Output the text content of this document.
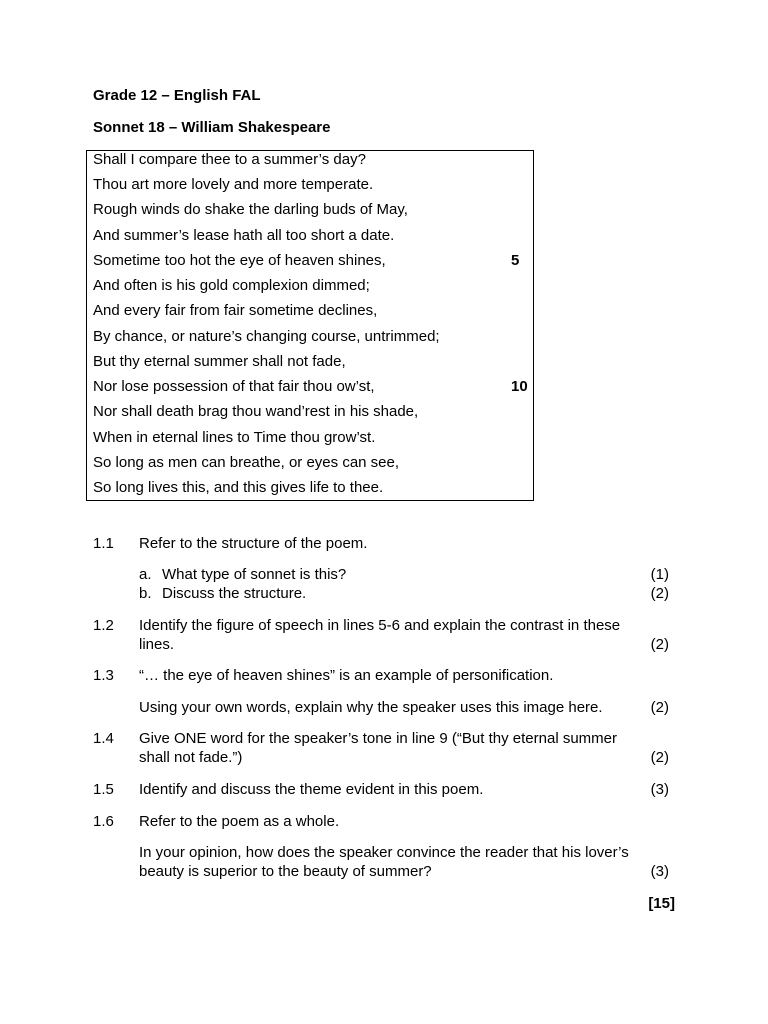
Grade 12 – English FAL
Sonnet 18 – William Shakespeare
Shall I compare thee to a summer’s day?
Thou art more lovely and more temperate.
Rough winds do shake the darling buds of May,
And summer’s lease hath all too short a date.
Sometime too hot the eye of heaven shines,
And often is his gold complexion dimmed;
And every fair from fair sometime declines,
By chance, or nature’s changing course, untrimmed;
But thy eternal summer shall not fade,
Nor lose possession of that fair thou ow’st,
Nor shall death brag thou wand’rest in his shade,
When in eternal lines to Time thou grow’st.
So long as men can breathe, or eyes can see,
So long lives this, and this gives life to thee.
5
10
1.1 Refer to the structure of the poem.
a. What type of sonnet is this?	(1)
b. Discuss the structure.	(2)
1.2 Identify the figure of speech in lines 5-6 and explain the contrast in these
lines.	(2)
1.3 “… the eye of heaven shines” is an example of personification.
Using your own words, explain why the speaker uses this image here.	(2)
1.4 Give ONE word for the speaker’s tone in line 9 (“But thy eternal summer
shall not fade.”)	(2)
1.5 Identify and discuss the theme evident in this poem.	(3)
1.6 Refer to the poem as a whole.
In your opinion, how does the speaker convince the reader that his lover’s
beauty is superior to the beauty of summer?	(3)
[15]
